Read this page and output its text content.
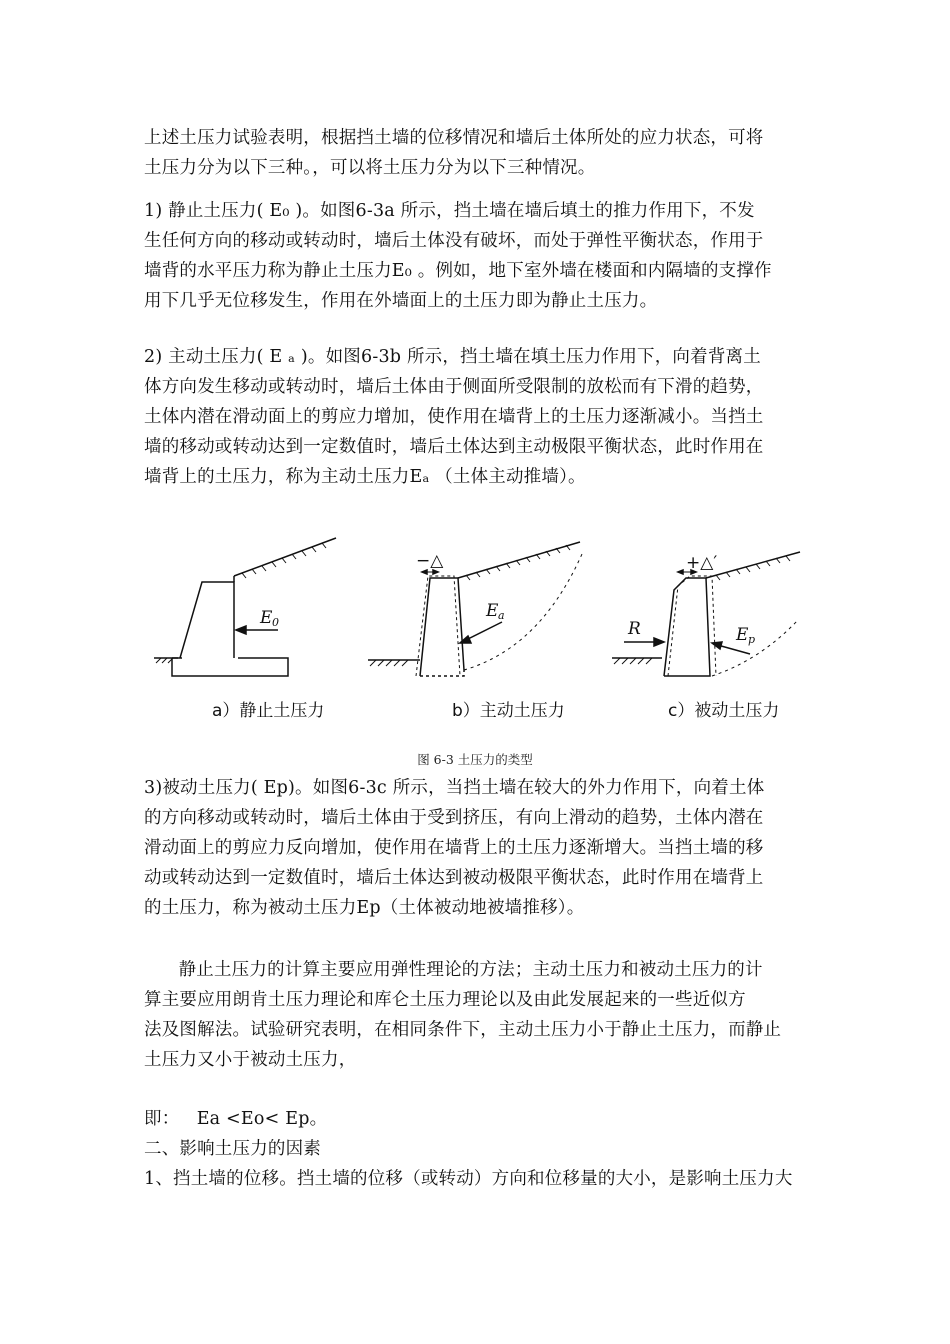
上述土压力试验表明，根据挡土墙的位移情况和墙后土体所处的应力状态，可将
土压力分为以下三种。，可以将土压力分为以下三种情况。
1) 静止土压力( E₀ )。如图6-3a 所示，挡土墙在墙后填土的推力作用下，不发
生任何方向的移动或转动时，墙后土体没有破坏，而处于弹性平衡状态，作用于
墙背的水平压力称为静止土压力E₀ 。例如，地下室外墙在楼面和内隔墙的支撑作
用下几乎无位移发生，作用在外墙面上的土压力即为静止土压力。
2) 主动土压力( E ₐ )。如图6-3b 所示，挡土墙在填土压力作用下，向着背离土
体方向发生移动或转动时，墙后土体由于侧面所受限制的放松而有下滑的趋势，
土体内潜在滑动面上的剪应力增加，使作用在墙背上的土压力逐渐减小。当挡土
墙的移动或转动达到一定数值时，墙后土体达到主动极限平衡状态，此时作用在
墙背上的土压力，称为主动土压力Eₐ （土体主动推墙）。
E 0
a）静止土压力
−△
E a
b）主动土压力
+△′
R	E p
c）被动土压力
图 6-3 土压力的类型
3)被动土压力( Ep)。如图6-3c 所示，当挡土墙在较大的外力作用下，向着土体
的方向移动或转动时，墙后土体由于受到挤压，有向上滑动的趋势，土体内潜在
滑动面上的剪应力反向增加，使作用在墙背上的土压力逐渐增大。当挡土墙的移
动或转动达到一定数值时，墙后土体达到被动极限平衡状态，此时作用在墙背上
的土压力，称为被动土压力Ep（土体被动地被墙推移）。
静止土压力的计算主要应用弹性理论的方法；主动土压力和被动土压力的计
算主要应用朗肯土压力理论和库仑土压力理论以及由此发展起来的一些近似方
法及图解法。试验研究表明，在相同条件下，主动土压力小于静止土压力，而静止
土压力又小于被动土压力，
即：   Ea <Eo< Ep。
二、影响土压力的因素
1、挡土墙的位移。挡土墙的位移（或转动）方向和位移量的大小，是影响土压力大
